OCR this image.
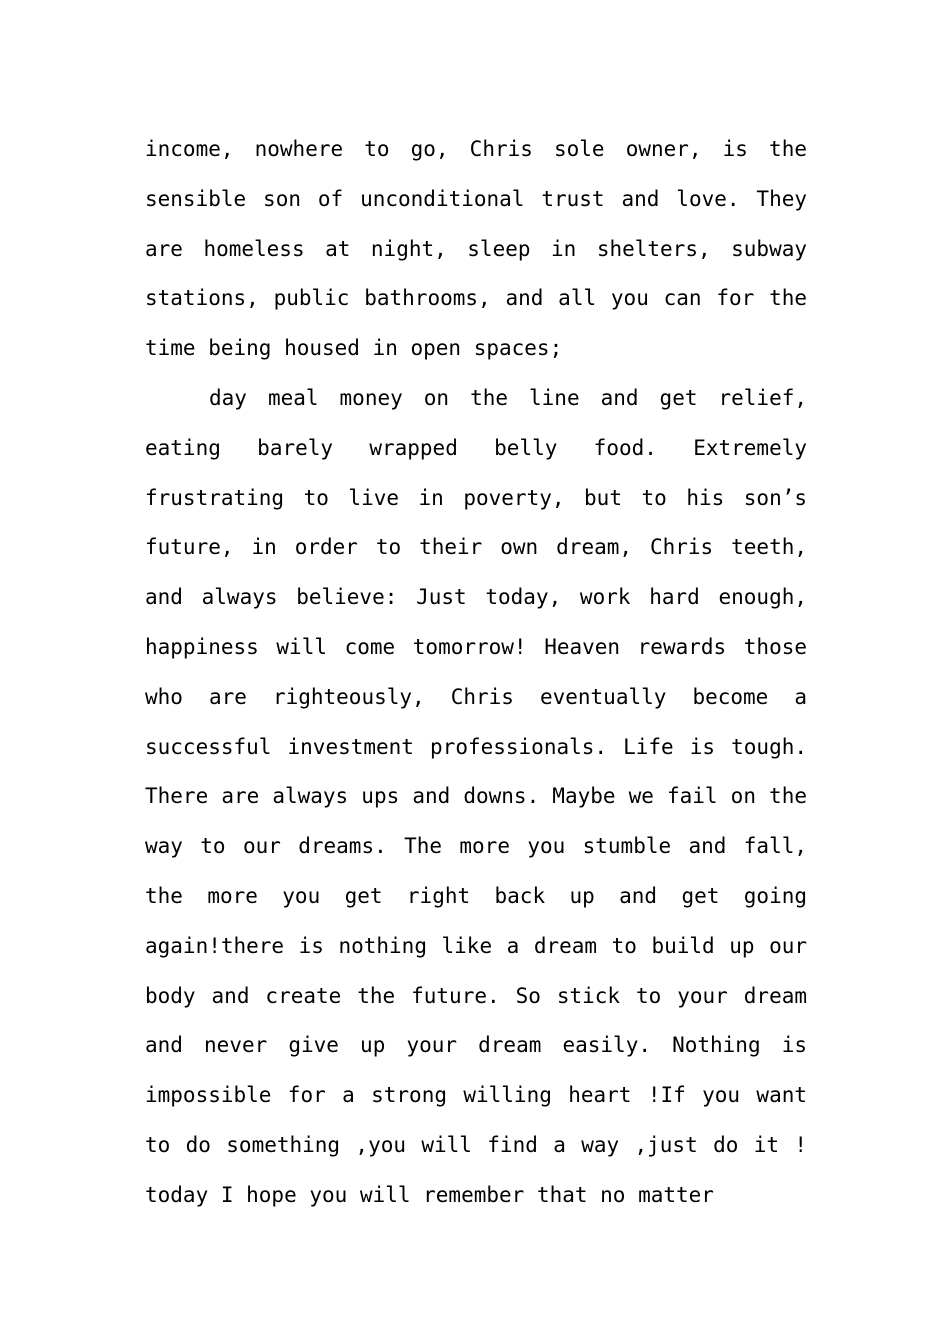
income, nowhere to go, Chris sole owner, is the sensible son of unconditional trust and love. They are homeless at night, sleep in shelters, subway stations, public bathrooms, and all you can for the time being housed in open spaces;

day meal money on the line and get relief, eating barely wrapped belly food. Extremely frustrating to live in poverty, but to his son’s future, in order to their own dream, Chris teeth, and always believe: Just today, work hard enough, happiness will come tomorrow! Heaven rewards those who are righteously, Chris eventually become a successful investment professionals. Life is tough. There are always ups and downs. Maybe we fail on the way to our dreams. The more you stumble and fall, the more you get right back up and get going again!there is nothing like a dream to build up our body and create the future. So stick to your dream and never give up your dream easily. Nothing is impossible for a strong willing heart !If you want to do something ,you will find a way ,just do it ! today I hope you will remember that no matter
